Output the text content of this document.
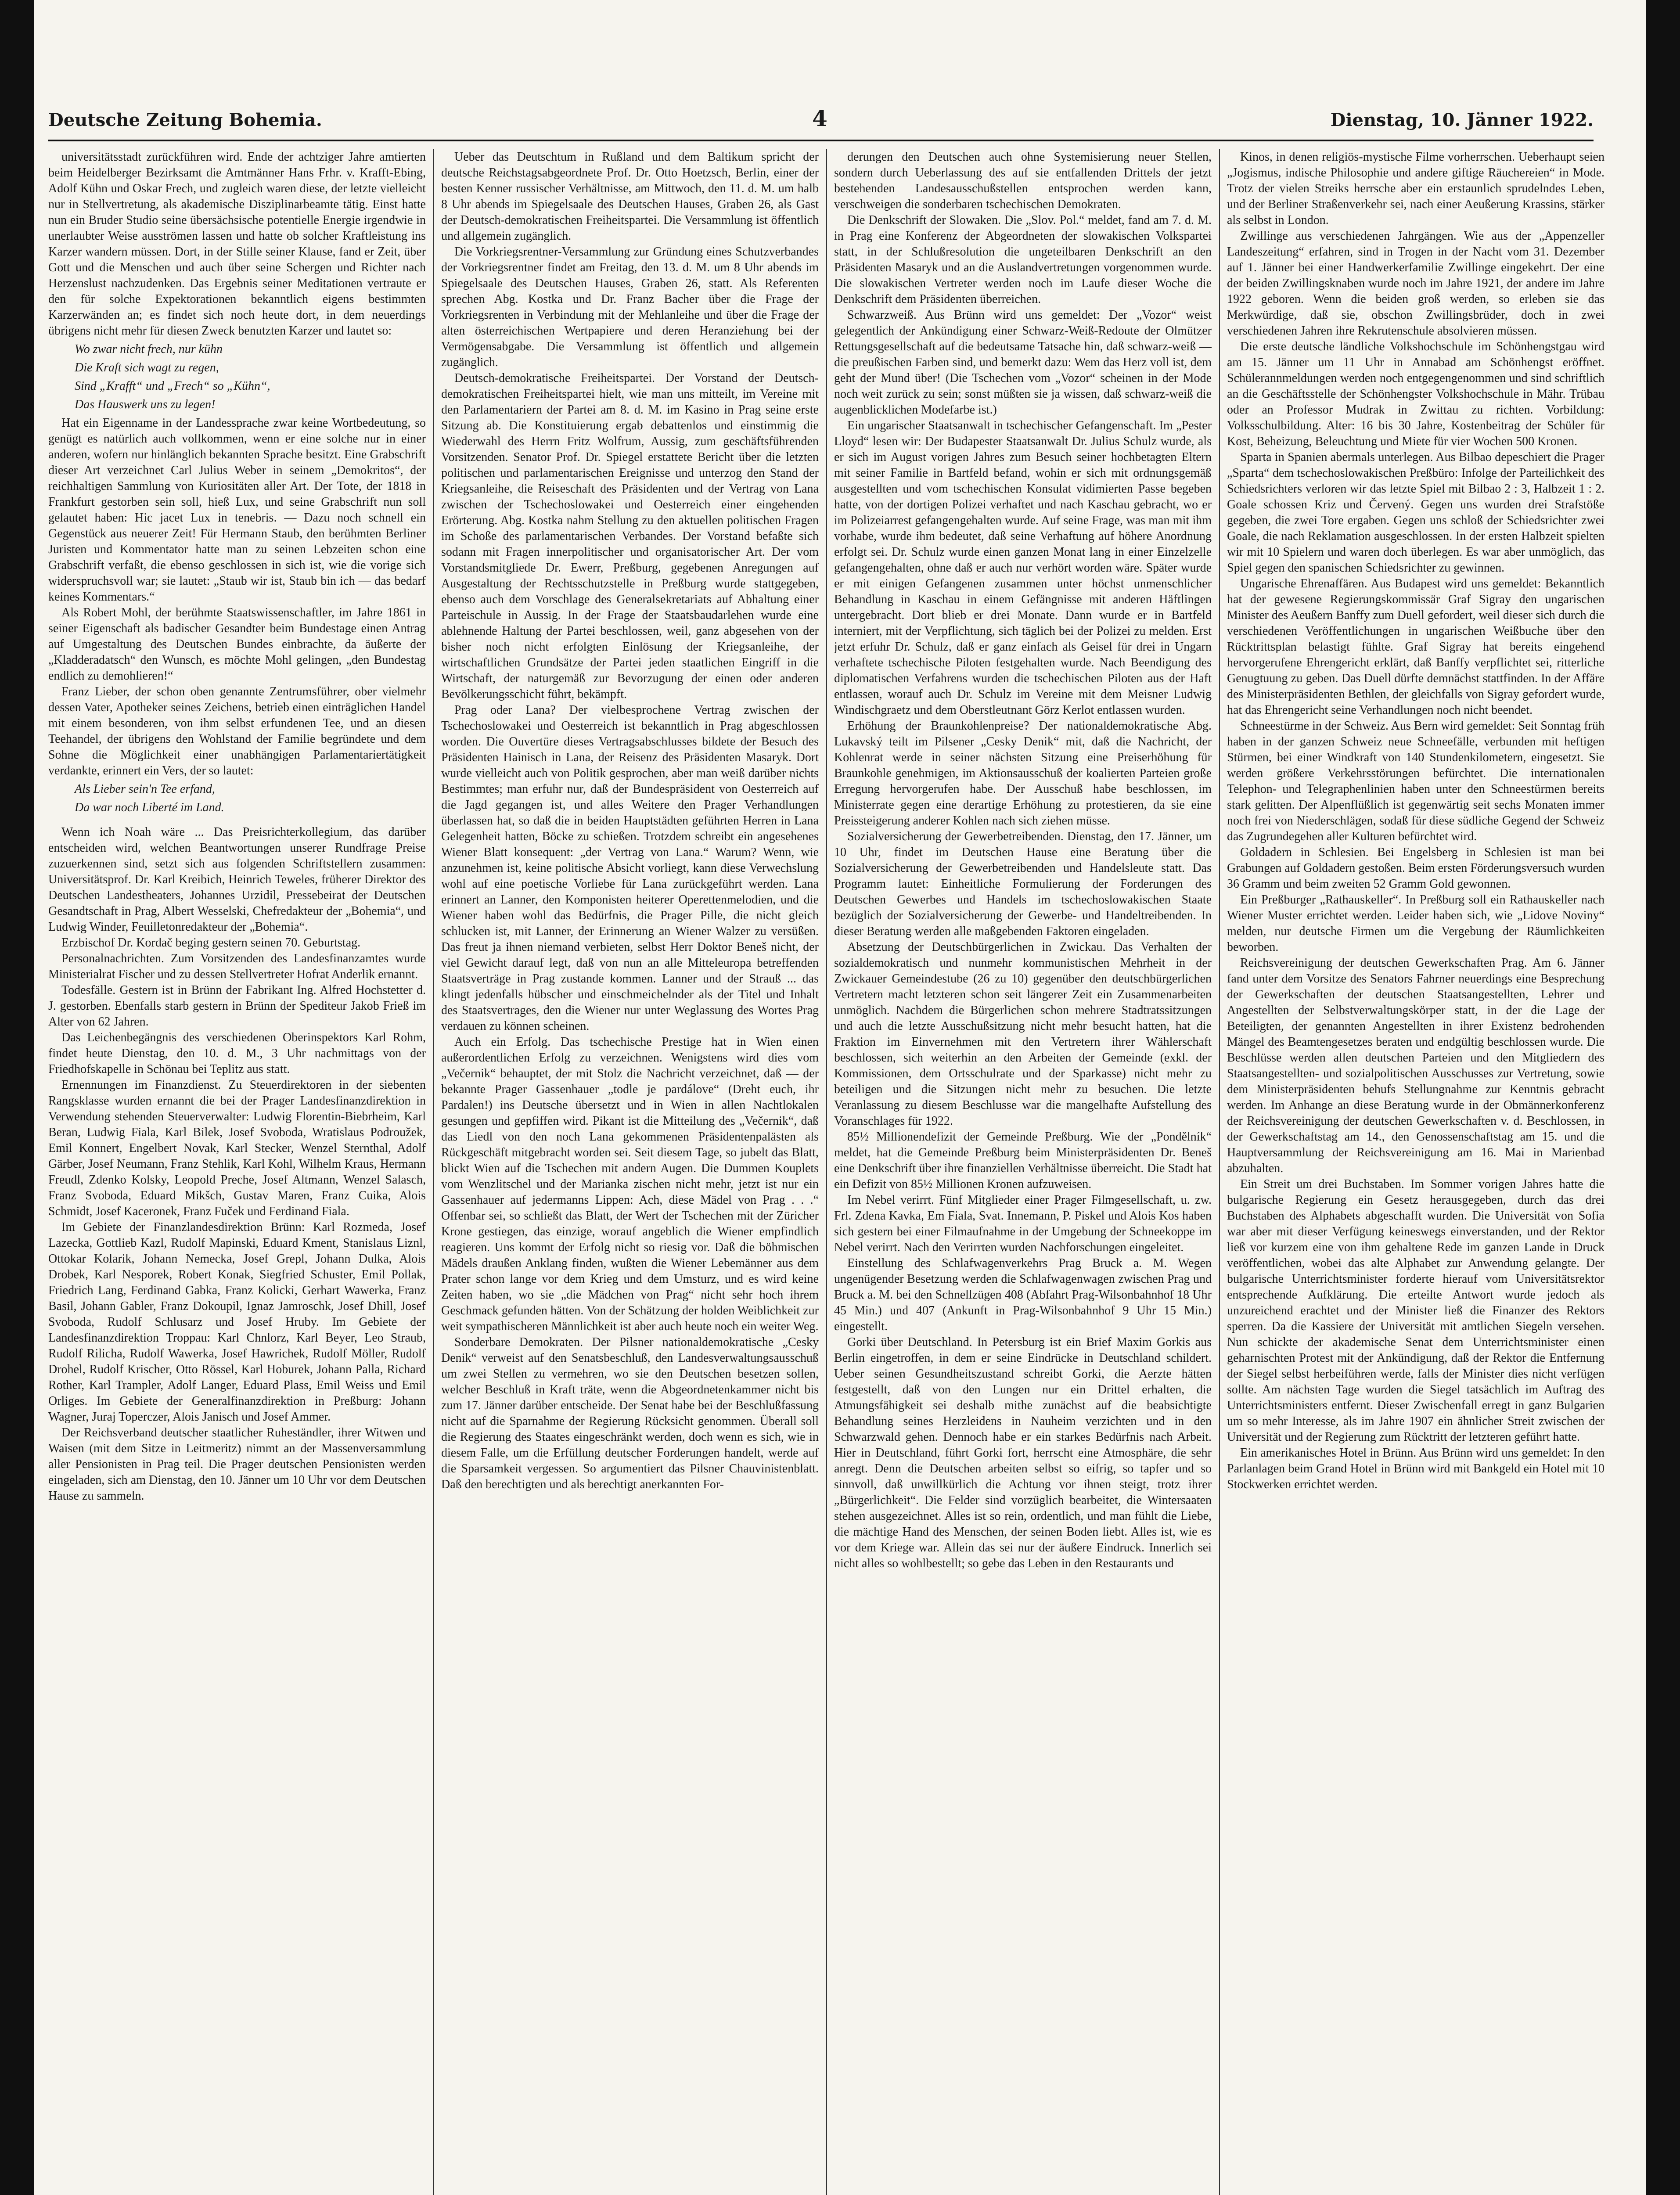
Deutsche Zeitung Bohemia.	4	Dienstag, 10. Jänner 1922.

universitätsstadt zurückführen wird. Ende der achtziger Jahre amtierten beim Heidelberger Bezirksamt die Amtmänner Hans Frhr. v. Krafft-Ebing, Adolf Kühn und Oskar Frech, und zugleich waren diese, der letzte vielleicht nur in Stellvertretung, als akademische Disziplinarbeamte tätig. Einst hatte nun ein Bruder Studio seine übersächsische potentielle Energie irgendwie in unerlaubter Weise ausströmen lassen und hatte ob solcher Kraftleistung ins Karzer wandern müssen. Dort, in der Stille seiner Klause, fand er Zeit, über Gott und die Menschen und auch über seine Schergen und Richter nach Herzenslust nachzudenken. Das Ergebnis seiner Meditationen vertraute er den für solche Expektorationen bekanntlich eigens bestimmten Karzerwänden an; es findet sich noch heute dort, in dem neuerdings übrigens nicht mehr für diesen Zweck benutzten Karzer und lautet so:

Wo zwar nicht frech, nur kühn

Die Kraft sich wagt zu regen,

Sind „Krafft“ und „Frech“ so „Kühn“,

Das Hauswerk uns zu legen!

Hat ein Eigenname in der Landessprache zwar keine Wortbedeutung, so genügt es natürlich auch vollkommen, wenn er eine solche nur in einer anderen, wofern nur hinlänglich bekannten Sprache besitzt. Eine Grabschrift dieser Art verzeichnet Carl Julius Weber in seinem „Demokritos“, der reichhaltigen Sammlung von Kuriositäten aller Art. Der Tote, der 1818 in Frankfurt gestorben sein soll, hieß Lux, und seine Grabschrift nun soll gelautet haben: Hic jacet Lux in tenebris. — Dazu noch schnell ein Gegenstück aus neuerer Zeit! Für Hermann Staub, den berühmten Berliner Juristen und Kommentator hatte man zu seinen Lebzeiten schon eine Grabschrift verfaßt, die ebenso geschlossen in sich ist, wie die vorige sich widerspruchsvoll war; sie lautet: „Staub wir ist, Staub bin ich — das bedarf keines Kommentars.“

Als Robert Mohl, der berühmte Staatswissenschaftler, im Jahre 1861 in seiner Eigenschaft als badischer Gesandter beim Bundestage einen Antrag auf Umgestaltung des Deutschen Bundes einbrachte, da äußerte der „Kladderadatsch“ den Wunsch, es möchte Mohl gelingen, „den Bundestag endlich zu demohlieren!“

Franz Lieber, der schon oben genannte Zentrumsführer, ober vielmehr dessen Vater, Apotheker seines Zeichens, betrieb einen einträglichen Handel mit einem besonderen, von ihm selbst erfundenen Tee, und an diesen Teehandel, der übrigens den Wohlstand der Familie begründete und dem Sohne die Möglichkeit einer unabhängigen Parlamentariertätigkeit verdankte, erinnert ein Vers, der so lautet:

Als Lieber sein'n Tee erfand,

Da war noch Liberté im Land.

Wenn ich Noah wäre ... Das Preisrichterkollegium, das darüber entscheiden wird, welchen Beantwortungen unserer Rundfrage Preise zuzuerkennen sind, setzt sich aus folgenden Schriftstellern zusammen: Universitätsprof. Dr. Karl Kreibich, Heinrich Teweles, früherer Direktor des Deutschen Landestheaters, Johannes Urzidil, Pressebeirat der Deutschen Gesandtschaft in Prag, Albert Wesselski, Chefredakteur der „Bohemia“, und Ludwig Winder, Feuilletonredakteur der „Bohemia“.

Erzbischof Dr. Kordač beging gestern seinen 70. Geburtstag.

Personalnachrichten. Zum Vorsitzenden des Landesfinanzamtes wurde Ministerialrat Fischer und zu dessen Stellvertreter Hofrat Anderlik ernannt.

Todesfälle. Gestern ist in Brünn der Fabrikant Ing. Alfred Hochstetter d. J. gestorben. Ebenfalls starb gestern in Brünn der Spediteur Jakob Frieß im Alter von 62 Jahren.

Das Leichenbegängnis des verschiedenen Oberinspektors Karl Rohm, findet heute Dienstag, den 10. d. M., 3 Uhr nachmittags von der Friedhofskapelle in Schönau bei Teplitz aus statt.

Ernennungen im Finanzdienst. Zu Steuerdirektoren in der siebenten Rangsklasse wurden ernannt die bei der Prager Landesfinanzdirektion in Verwendung stehenden Steuerverwalter: Ludwig Florentin-Biebrheim, Karl Beran, Ludwig Fiala, Karl Bilek, Josef Svoboda, Wratislaus Podroužek, Emil Konnert, Engelbert Novak, Karl Stecker, Wenzel Sternthal, Adolf Gärber, Josef Neumann, Franz Stehlik, Karl Kohl, Wilhelm Kraus, Hermann Freudl, Zdenko Kolsky, Leopold Preche, Josef Altmann, Wenzel Salasch, Franz Svoboda, Eduard Mikšch, Gustav Maren, Franz Cuika, Alois Schmidt, Josef Kaceronek, Franz Fuček und Ferdinand Fiala.

Im Gebiete der Finanzlandesdirektion Brünn: Karl Rozmeda, Josef Lazecka, Gottlieb Kazl, Rudolf Mapinski, Eduard Kment, Stanislaus Liznl, Ottokar Kolarik, Johann Nemecka, Josef Grepl, Johann Dulka, Alois Drobek, Karl Nesporek, Robert Konak, Siegfried Schuster, Emil Pollak, Friedrich Lang, Ferdinand Gabka, Franz Kolicki, Gerhart Wawerka, Franz Basil, Johann Gabler, Franz Dokoupil, Ignaz Jamroschk, Josef Dhill, Josef Svoboda, Rudolf Schlusarz und Josef Hruby. Im Gebiete der Landesfinanzdirektion Troppau: Karl Chnlorz, Karl Beyer, Leo Straub, Rudolf Rilicha, Rudolf Wawerka, Josef Hawrichek, Rudolf Möller, Rudolf Drohel, Rudolf Krischer, Otto Rössel, Karl Hoburek, Johann Palla, Richard Rother, Karl Trampler, Adolf Langer, Eduard Plass, Emil Weiss und Emil Orliges. Im Gebiete der Generalfinanzdirektion in Preßburg: Johann Wagner, Juraj Toperczer, Alois Janisch und Josef Ammer.

Der Reichsverband deutscher staatlicher Ruheständler, ihrer Witwen und Waisen (mit dem Sitze in Leitmeritz) nimmt an der Massenversammlung aller Pensionisten in Prag teil. Die Prager deutschen Pensionisten werden eingeladen, sich am Dienstag, den 10. Jänner um 10 Uhr vor dem Deutschen Hause zu sammeln.

Ueber das Deutschtum in Rußland und dem Baltikum spricht der deutsche Reichstagsabgeordnete Prof. Dr. Otto Hoetzsch, Berlin, einer der besten Kenner russischer Verhältnisse, am Mittwoch, den 11. d. M. um halb 8 Uhr abends im Spiegelsaale des Deutschen Hauses, Graben 26, als Gast der Deutsch-demokratischen Freiheitspartei. Die Versammlung ist öffentlich und allgemein zugänglich.

Die Vorkriegsrentner-Versammlung zur Gründung eines Schutzverbandes der Vorkriegsrentner findet am Freitag, den 13. d. M. um 8 Uhr abends im Spiegelsaale des Deutschen Hauses, Graben 26, statt. Als Referenten sprechen Abg. Kostka und Dr. Franz Bacher über die Frage der Vorkriegsrenten in Verbindung mit der Mehlanleihe und über die Frage der alten österreichischen Wertpapiere und deren Heranziehung bei der Vermögensabgabe. Die Versammlung ist öffentlich und allgemein zugänglich.

Deutsch-demokratische Freiheitspartei. Der Vorstand der Deutsch-demokratischen Freiheitspartei hielt, wie man uns mitteilt, im Vereine mit den Parlamentariern der Partei am 8. d. M. im Kasino in Prag seine erste Sitzung ab. Die Konstituierung ergab debattenlos und einstimmig die Wiederwahl des Herrn Fritz Wolfrum, Aussig, zum geschäftsführenden Vorsitzenden. Senator Prof. Dr. Spiegel erstattete Bericht über die letzten politischen und parlamentarischen Ereignisse und unterzog den Stand der Kriegsanleihe, die Reiseschaft des Präsidenten und der Vertrag von Lana zwischen der Tschechoslowakei und Oesterreich einer eingehenden Erörterung. Abg. Kostka nahm Stellung zu den aktuellen politischen Fragen im Schoße des parlamentarischen Verbandes. Der Vorstand befaßte sich sodann mit Fragen innerpolitischer und organisatorischer Art. Der vom Vorstandsmitgliede Dr. Ewerr, Preßburg, gegebenen Anregungen auf Ausgestaltung der Rechtsschutzstelle in Preßburg wurde stattgegeben, ebenso auch dem Vorschlage des Generalsekretariats auf Abhaltung einer Parteischule in Aussig. In der Frage der Staatsbaudarlehen wurde eine ablehnende Haltung der Partei beschlossen, weil, ganz abgesehen von der bisher noch nicht erfolgten Einlösung der Kriegsanleihe, der wirtschaftlichen Grundsätze der Partei jeden staatlichen Eingriff in die Wirtschaft, der naturgemäß zur Bevorzugung der einen oder anderen Bevölkerungsschicht führt, bekämpft.

Prag oder Lana? Der vielbesprochene Vertrag zwischen der Tschechoslowakei und Oesterreich ist bekanntlich in Prag abgeschlossen worden. Die Ouvertüre dieses Vertragsabschlusses bildete der Besuch des Präsidenten Hainisch in Lana, der Reisenz des Präsidenten Masaryk. Dort wurde vielleicht auch von Politik gesprochen, aber man weiß darüber nichts Bestimmtes; man erfuhr nur, daß der Bundespräsident von Oesterreich auf die Jagd gegangen ist, und alles Weitere den Prager Verhandlungen überlassen hat, so daß die in beiden Hauptstädten geführten Herren in Lana Gelegenheit hatten, Böcke zu schießen. Trotzdem schreibt ein angesehenes Wiener Blatt konsequent: „der Vertrag von Lana.“ Warum? Wenn, wie anzunehmen ist, keine politische Absicht vorliegt, kann diese Verwechslung wohl auf eine poetische Vorliebe für Lana zurückgeführt werden. Lana erinnert an Lanner, den Komponisten heiterer Operettenmelodien, und die Wiener haben wohl das Bedürfnis, die Prager Pille, die nicht gleich schlucken ist, mit Lanner, der Erinnerung an Wiener Walzer zu versüßen. Das freut ja ihnen niemand verbieten, selbst Herr Doktor Beneš nicht, der viel Gewicht darauf legt, daß von nun an alle Mitteleuropa betreffenden Staatsverträge in Prag zustande kommen. Lanner und der Strauß ... das klingt jedenfalls hübscher und einschmeichelnder als der Titel und Inhalt des Staatsvertrages, den die Wiener nur unter Weglassung des Wortes Prag verdauen zu können scheinen.

Auch ein Erfolg. Das tschechische Prestige hat in Wien einen außerordentlichen Erfolg zu verzeichnen. Wenigstens wird dies vom „Večernik“ behauptet, der mit Stolz die Nachricht verzeichnet, daß — der bekannte Prager Gassenhauer „todle je pardálove“ (Dreht euch, ihr Pardalen!) ins Deutsche übersetzt und in Wien in allen Nachtlokalen gesungen und gepfiffen wird. Pikant ist die Mitteilung des „Večernik“, daß das Liedl von den noch Lana gekommenen Präsidentenpalästen als Rückgeschäft mitgebracht worden sei. Seit diesem Tage, so jubelt das Blatt, blickt Wien auf die Tschechen mit andern Augen. Die Dummen Kouplets vom Wenzlitschel und der Marianka zischen nicht mehr, jetzt ist nur ein Gassenhauer auf jedermanns Lippen: Ach, diese Mädel von Prag . . .“ Offenbar sei, so schließt das Blatt, der Wert der Tschechen mit der Züricher Krone gestiegen, das einzige, worauf angeblich die Wiener empfindlich reagieren. Uns kommt der Erfolg nicht so riesig vor. Daß die böhmischen Mädels draußen Anklang finden, wußten die Wiener Lebemänner aus dem Prater schon lange vor dem Krieg und dem Umsturz, und es wird keine Zeiten haben, wo sie „die Mädchen von Prag“ nicht sehr hoch ihrem Geschmack gefunden hätten. Von der Schätzung der holden Weiblichkeit zur weit sympathischeren Männlichkeit ist aber auch heute noch ein weiter Weg.

Sonderbare Demokraten. Der Pilsner nationaldemokratische „Cesky Denik“ verweist auf den Senatsbeschluß, den Landesverwaltungsausschuß um zwei Stellen zu vermehren, wo sie den Deutschen besetzen sollen, welcher Beschluß in Kraft träte, wenn die Abgeordnetenkammer nicht bis zum 17. Jänner darüber entscheide. Der Senat habe bei der Beschlußfassung nicht auf die Sparnahme der Regierung Rücksicht genommen. Überall soll die Regierung des Staates eingeschränkt werden, doch wenn es sich, wie in diesem Falle, um die Erfüllung deutscher Forderungen handelt, werde auf die Sparsamkeit vergessen. So argumentiert das Pilsner Chauvinistenblatt. Daß den berechtigten und als berechtigt anerkannten For-

derungen den Deutschen auch ohne Systemisierung neuer Stellen, sondern durch Ueberlassung des auf sie entfallenden Drittels der jetzt bestehenden Landesausschußstellen entsprochen werden kann, verschweigen die sonderbaren tschechischen Demokraten.

Die Denkschrift der Slowaken. Die „Slov. Pol.“ meldet, fand am 7. d. M. in Prag eine Konferenz der Abgeordneten der slowakischen Volkspartei statt, in der Schlußresolution die ungeteilbaren Denkschrift an den Präsidenten Masaryk und an die Auslandvertretungen vorgenommen wurde. Die slowakischen Vertreter werden noch im Laufe dieser Woche die Denkschrift dem Präsidenten überreichen.

Schwarzweiß. Aus Brünn wird uns gemeldet: Der „Vozor“ weist gelegentlich der Ankündigung einer Schwarz-Weiß-Redoute der Olmützer Rettungsgesellschaft auf die bedeutsame Tatsache hin, daß schwarz-weiß — die preußischen Farben sind, und bemerkt dazu: Wem das Herz voll ist, dem geht der Mund über! (Die Tschechen vom „Vozor“ scheinen in der Mode noch weit zurück zu sein; sonst müßten sie ja wissen, daß schwarz-weiß die augenblicklichen Modefarbe ist.)

Ein ungarischer Staatsanwalt in tschechischer Gefangenschaft. Im „Pester Lloyd“ lesen wir: Der Budapester Staatsanwalt Dr. Julius Schulz wurde, als er sich im August vorigen Jahres zum Besuch seiner hochbetagten Eltern mit seiner Familie in Bartfeld befand, wohin er sich mit ordnungsgemäß ausgestellten und vom tschechischen Konsulat vidimierten Passe begeben hatte, von der dortigen Polizei verhaftet und nach Kaschau gebracht, wo er im Polizeiarrest gefangengehalten wurde. Auf seine Frage, was man mit ihm vorhabe, wurde ihm bedeutet, daß seine Verhaftung auf höhere Anordnung erfolgt sei. Dr. Schulz wurde einen ganzen Monat lang in einer Einzelzelle gefangengehalten, ohne daß er auch nur verhört worden wäre. Später wurde er mit einigen Gefangenen zusammen unter höchst unmenschlicher Behandlung in Kaschau in einem Gefängnisse mit anderen Häftlingen untergebracht. Dort blieb er drei Monate. Dann wurde er in Bartfeld interniert, mit der Verpflichtung, sich täglich bei der Polizei zu melden. Erst jetzt erfuhr Dr. Schulz, daß er ganz einfach als Geisel für drei in Ungarn verhaftete tschechische Piloten festgehalten wurde. Nach Beendigung des diplomatischen Verfahrens wurden die tschechischen Piloten aus der Haft entlassen, worauf auch Dr. Schulz im Vereine mit dem Meisner Ludwig Windischgraetz und dem Oberstleutnant Görz Kerlot entlassen wurden.

Erhöhung der Braunkohlenpreise? Der nationaldemokratische Abg. Lukavský teilt im Pilsener „Cesky Denik“ mit, daß die Nachricht, der Kohlenrat werde in seiner nächsten Sitzung eine Preiserhöhung für Braunkohle genehmigen, im Aktionsausschuß der koalierten Parteien große Erregung hervorgerufen habe. Der Ausschuß habe beschlossen, im Ministerrate gegen eine derartige Erhöhung zu protestieren, da sie eine Preissteigerung anderer Kohlen nach sich ziehen müsse.

Sozialversicherung der Gewerbetreibenden. Dienstag, den 17. Jänner, um 10 Uhr, findet im Deutschen Hause eine Beratung über die Sozialversicherung der Gewerbetreibenden und Handelsleute statt. Das Programm lautet: Einheitliche Formulierung der Forderungen des Deutschen Gewerbes und Handels im tschechoslowakischen Staate bezüglich der Sozialversicherung der Gewerbe- und Handeltreibenden. In dieser Beratung werden alle maßgebenden Faktoren eingeladen.

Absetzung der Deutschbürgerlichen in Zwickau. Das Verhalten der sozialdemokratisch und nunmehr kommunistischen Mehrheit in der Zwickauer Gemeindestube (26 zu 10) gegenüber den deutschbürgerlichen Vertretern macht letzteren schon seit längerer Zeit ein Zusammenarbeiten unmöglich. Nachdem die Bürgerlichen schon mehrere Stadtratssitzungen und auch die letzte Ausschußsitzung nicht mehr besucht hatten, hat die Fraktion im Einvernehmen mit den Vertretern ihrer Wählerschaft beschlossen, sich weiterhin an den Arbeiten der Gemeinde (exkl. der Kommissionen, dem Ortsschulrate und der Sparkasse) nicht mehr zu beteiligen und die Sitzungen nicht mehr zu besuchen. Die letzte Veranlassung zu diesem Beschlusse war die mangelhafte Aufstellung des Voranschlages für 1922.

85½ Millionendefizit der Gemeinde Preßburg. Wie der „Pondělník“ meldet, hat die Gemeinde Preßburg beim Ministerpräsidenten Dr. Beneš eine Denkschrift über ihre finanziellen Verhältnisse überreicht. Die Stadt hat ein Defizit von 85½ Millionen Kronen aufzuweisen.

Im Nebel verirrt. Fünf Mitglieder einer Prager Filmgesellschaft, u. zw. Frl. Zdena Kavka, Em Fiala, Svat. Innemann, P. Piskel und Alois Kos haben sich gestern bei einer Filmaufnahme in der Umgebung der Schneekoppe im Nebel verirrt. Nach den Verirrten wurden Nachforschungen eingeleitet.

Einstellung des Schlafwagenverkehrs Prag Bruck a. M. Wegen ungenügender Besetzung werden die Schlafwagenwagen zwischen Prag und Bruck a. M. bei den Schnellzügen 408 (Abfahrt Prag-Wilsonbahnhof 18 Uhr 45 Min.) und 407 (Ankunft in Prag-Wilsonbahnhof 9 Uhr 15 Min.) eingestellt.

Gorki über Deutschland. In Petersburg ist ein Brief Maxim Gorkis aus Berlin eingetroffen, in dem er seine Eindrücke in Deutschland schildert. Ueber seinen Gesundheitszustand schreibt Gorki, die Aerzte hätten festgestellt, daß von den Lungen nur ein Drittel erhalten, die Atmungsfähigkeit sei deshalb mithe zunächst auf die beabsichtigte Behandlung seines Herzleidens in Nauheim verzichten und in den Schwarzwald gehen. Dennoch habe er ein starkes Bedürfnis nach Arbeit. Hier in Deutschland, führt Gorki fort, herrscht eine Atmosphäre, die sehr anregt. Denn die Deutschen arbeiten selbst so eifrig, so tapfer und so sinnvoll, daß unwillkürlich die Achtung vor ihnen steigt, trotz ihrer „Bürgerlichkeit“. Die Felder sind vorzüglich bearbeitet, die Wintersaaten stehen ausgezeichnet. Alles ist so rein, ordentlich, und man fühlt die Liebe, die mächtige Hand des Menschen, der seinen Boden liebt. Alles ist, wie es vor dem Kriege war. Allein das sei nur der äußere Eindruck. Innerlich sei nicht alles so wohlbestellt; so gebe das Leben in den Restaurants und

Kinos, in denen religiös-mystische Filme vorherrschen. Ueberhaupt seien „Jogismus, indische Philosophie und andere giftige Räuchereien“ in Mode. Trotz der vielen Streiks herrsche aber ein erstaunlich sprudelndes Leben, und der Berliner Straßenverkehr sei, nach einer Aeußerung Krassins, stärker als selbst in London.

Zwillinge aus verschiedenen Jahrgängen. Wie aus der „Appenzeller Landeszeitung“ erfahren, sind in Trogen in der Nacht vom 31. Dezember auf 1. Jänner bei einer Handwerkerfamilie Zwillinge eingekehrt. Der eine der beiden Zwillingsknaben wurde noch im Jahre 1921, der andere im Jahre 1922 geboren. Wenn die beiden groß werden, so erleben sie das Merkwürdige, daß sie, obschon Zwillingsbrüder, doch in zwei verschiedenen Jahren ihre Rekrutenschule absolvieren müssen.

Die erste deutsche ländliche Volkshochschule im Schönhengstgau wird am 15. Jänner um 11 Uhr in Annabad am Schönhengst eröffnet. Schülerannmeldungen werden noch entgegengenommen und sind schriftlich an die Geschäftsstelle der Schönhengster Volkshochschule in Mähr. Trübau oder an Professor Mudrak in Zwittau zu richten. Vorbildung: Volksschulbildung. Alter: 16 bis 30 Jahre, Kostenbeitrag der Schüler für Kost, Beheizung, Beleuchtung und Miete für vier Wochen 500 Kronen.

Sparta in Spanien abermals unterlegen. Aus Bilbao depeschiert die Prager „Sparta“ dem tschechoslowakischen Preßbüro: Infolge der Parteilichkeit des Schiedsrichters verloren wir das letzte Spiel mit Bilbao 2 : 3, Halbzeit 1 : 2. Goale schossen Kriz und Červený. Gegen uns wurden drei Strafstöße gegeben, die zwei Tore ergaben. Gegen uns schloß der Schiedsrichter zwei Goale, die nach Reklamation ausgeschlossen. In der ersten Halbzeit spielten wir mit 10 Spielern und waren doch überlegen. Es war aber unmöglich, das Spiel gegen den spanischen Schiedsrichter zu gewinnen.

Ungarische Ehrenaffären. Aus Budapest wird uns gemeldet: Bekanntlich hat der gewesene Regierungskommissär Graf Sigray den ungarischen Minister des Aeußern Banffy zum Duell gefordert, weil dieser sich durch die verschiedenen Veröffentlichungen in ungarischen Weißbuche über den Rücktrittsplan belastigt fühlte. Graf Sigray hat bereits eingehend hervorgerufene Ehrengericht erklärt, daß Banffy verpflichtet sei, ritterliche Genugtuung zu geben. Das Duell dürfte demnächst stattfinden. In der Affäre des Ministerpräsidenten Bethlen, der gleichfalls von Sigray gefordert wurde, hat das Ehrengericht seine Verhandlungen noch nicht beendet.

Schneestürme in der Schweiz. Aus Bern wird gemeldet: Seit Sonntag früh haben in der ganzen Schweiz neue Schneefälle, verbunden mit heftigen Stürmen, bei einer Windkraft von 140 Stundenkilometern, eingesetzt. Sie werden größere Verkehrsstörungen befürchtet. Die internationalen Telephon- und Telegraphenlinien haben unter den Schneestürmen bereits stark gelitten. Der Alpenflüßlich ist gegenwärtig seit sechs Monaten immer noch frei von Niederschlägen, sodaß für diese südliche Gegend der Schweiz das Zugrundegehen aller Kulturen befürchtet wird.

Goldadern in Schlesien. Bei Engelsberg in Schlesien ist man bei Grabungen auf Goldadern gestoßen. Beim ersten Förderungsversuch wurden 36 Gramm und beim zweiten 52 Gramm Gold gewonnen.

Ein Preßburger „Rathauskeller“. In Preßburg soll ein Rathauskeller nach Wiener Muster errichtet werden. Leider haben sich, wie „Lidove Noviny“ melden, nur deutsche Firmen um die Vergebung der Räumlichkeiten beworben.

Reichsvereinigung der deutschen Gewerkschaften Prag. Am 6. Jänner fand unter dem Vorsitze des Senators Fahrner neuerdings eine Besprechung der Gewerkschaften der deutschen Staatsangestellten, Lehrer und Angestellten der Selbstverwaltungskörper statt, in der die Lage der Beteiligten, der genannten Angestellten in ihrer Existenz bedrohenden Mängel des Beamtengesetzes beraten und endgültig beschlossen wurde. Die Beschlüsse werden allen deutschen Parteien und den Mitgliedern des Staatsangestellten- und sozialpolitischen Ausschusses zur Vertretung, sowie dem Ministerpräsidenten behufs Stellungnahme zur Kenntnis gebracht werden. Im Anhange an diese Beratung wurde in der Obmännerkonferenz der Reichsvereinigung der deutschen Gewerkschaften v. d. Beschlossen, in der Gewerkschaftstag am 14., den Genossenschaftstag am 15. und die Hauptversammlung der Reichsvereinigung am 16. Mai in Marienbad abzuhalten.

Ein Streit um drei Buchstaben. Im Sommer vorigen Jahres hatte die bulgarische Regierung ein Gesetz herausgegeben, durch das drei Buchstaben des Alphabets abgeschafft wurden. Die Universität von Sofia war aber mit dieser Verfügung keineswegs einverstanden, und der Rektor ließ vor kurzem eine von ihm gehaltene Rede im ganzen Lande in Druck veröffentlichen, wobei das alte Alphabet zur Anwendung gelangte. Der bulgarische Unterrichtsminister forderte hierauf vom Universitätsrektor entsprechende Aufklärung. Die erteilte Antwort wurde jedoch als unzureichend erachtet und der Minister ließ die Finanzer des Rektors sperren. Da die Kassiere der Universität mit amtlichen Siegeln versehen. Nun schickte der akademische Senat dem Unterrichtsminister einen geharnischten Protest mit der Ankündigung, daß der Rektor die Entfernung der Siegel selbst herbeiführen werde, falls der Minister dies nicht verfügen sollte. Am nächsten Tage wurden die Siegel tatsächlich im Auftrag des Unterrichtsministers entfernt. Dieser Zwischenfall erregt in ganz Bulgarien um so mehr Interesse, als im Jahre 1907 ein ähnlicher Streit zwischen der Universität und der Regierung zum Rücktritt der letzteren geführt hatte.

Ein amerikanisches Hotel in Brünn. Aus Brünn wird uns gemeldet: In den Parlanlagen beim Grand Hotel in Brünn wird mit Bankgeld ein Hotel mit 10 Stockwerken errichtet werden.
